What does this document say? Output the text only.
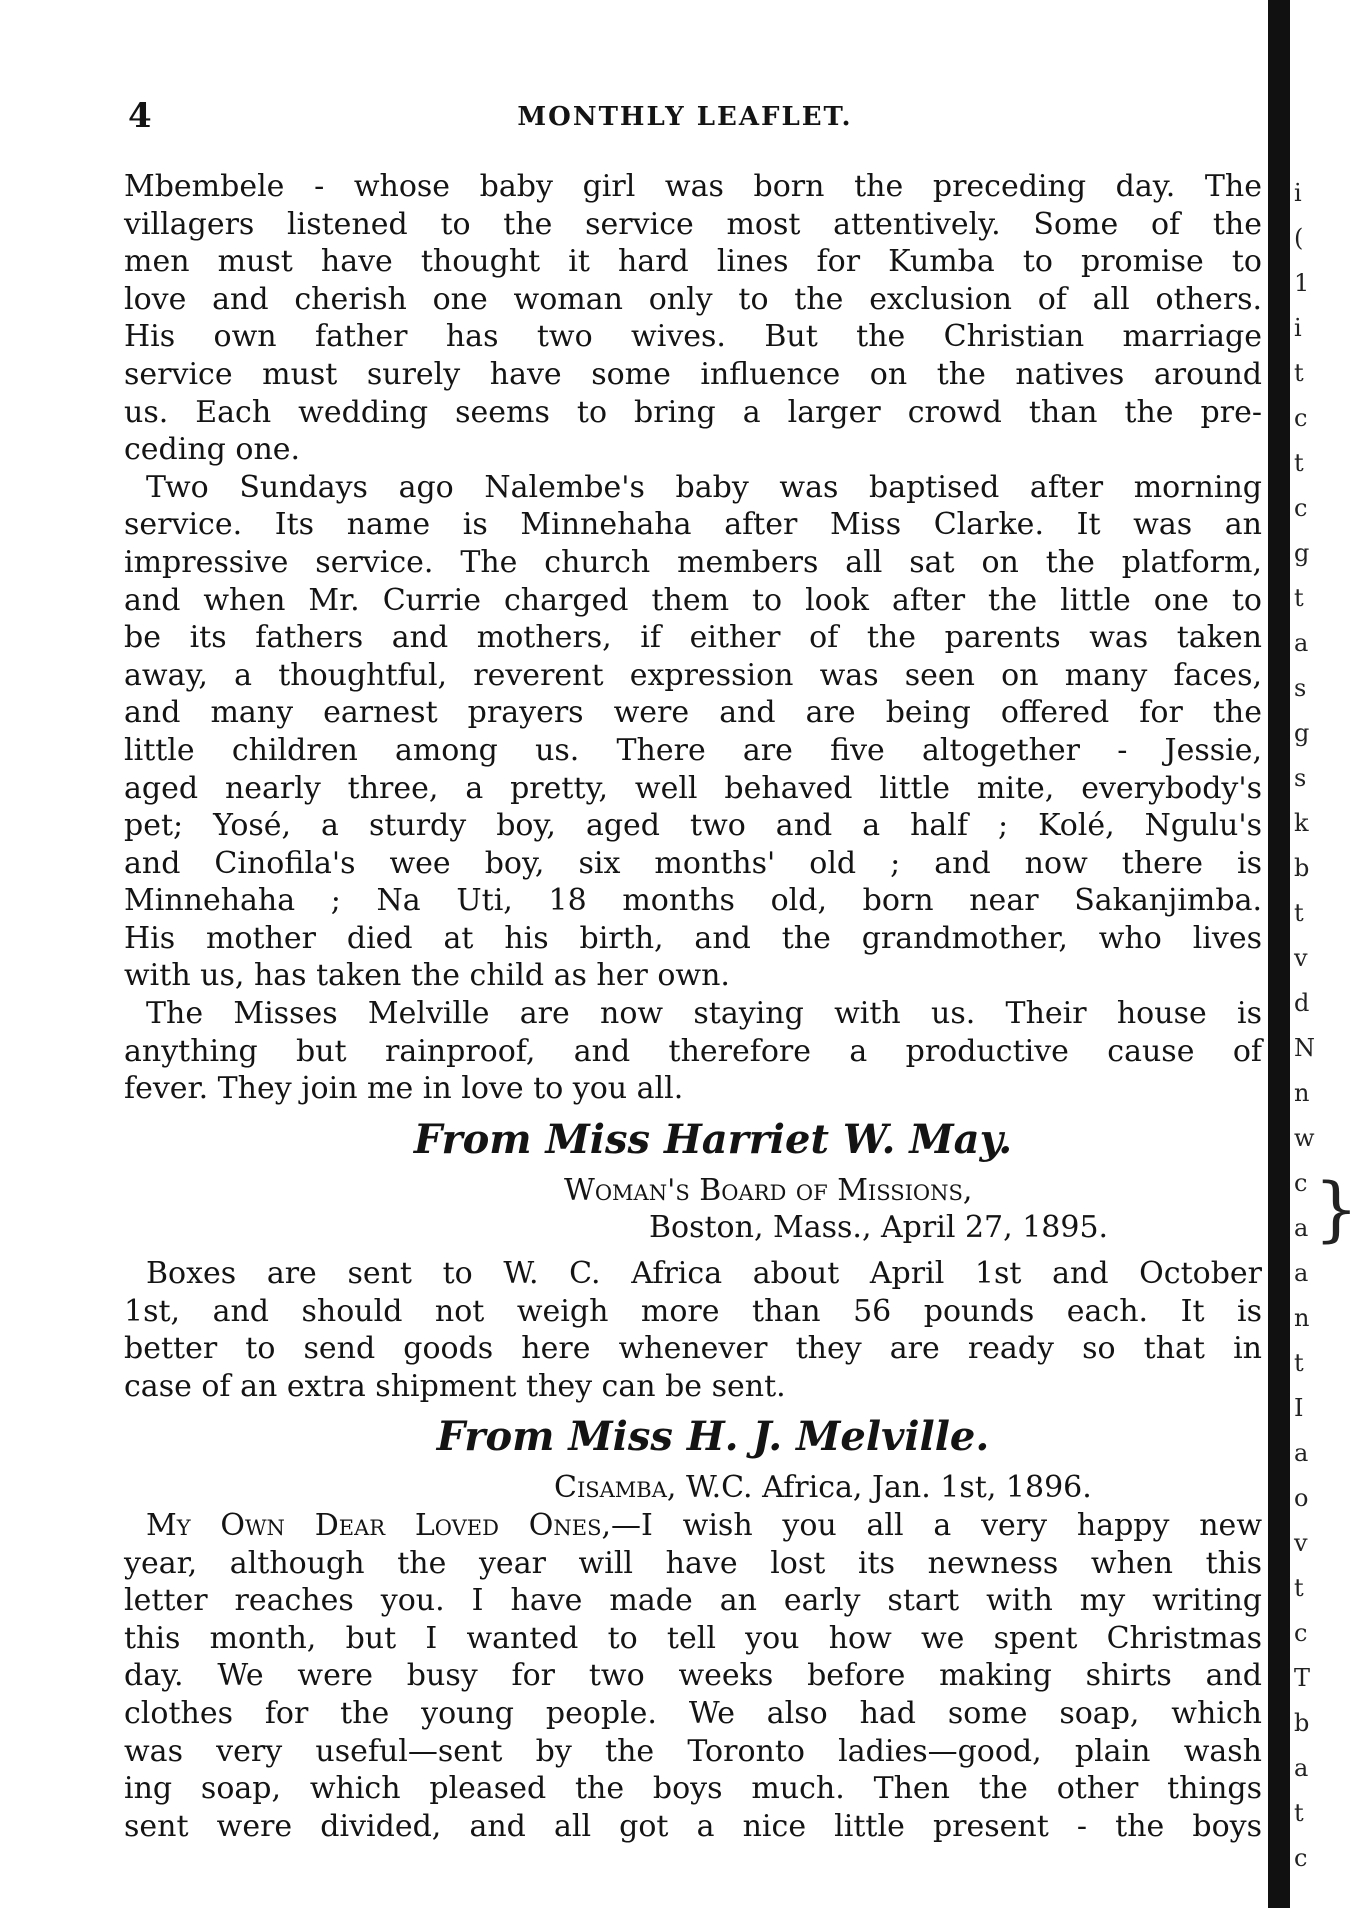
4	MONTHLY LEAFLET.
Mbembele - whose baby girl was born the preceding day. The
villagers listened to the service most attentively. Some of the
men must have thought it hard lines for Kumba to promise to
love and cherish one woman only to the exclusion of all others.
His own father has two wives. But the Christian marriage
service must surely have some influence on the natives around
us. Each wedding seems to bring a larger crowd than the pre-
ceding one.
Two Sundays ago Nalembe's baby was baptised after morning
service. Its name is Minnehaha after Miss Clarke. It was an
impressive service. The church members all sat on the platform,
and when Mr. Currie charged them to look after the little one to
be its fathers and mothers, if either of the parents was taken
away, a thoughtful, reverent expression was seen on many faces,
and many earnest prayers were and are being offered for the
little children among us. There are five altogether - Jessie,
aged nearly three, a pretty, well behaved little mite, everybody's
pet; Yosé, a sturdy boy, aged two and a half ; Kolé, Ngulu's
and Cinofila's wee boy, six months' old ; and now there is
Minnehaha ; Na Uti, 18 months old, born near Sakanjimba.
His mother died at his birth, and the grandmother, who lives
with us, has taken the child as her own.
The Misses Melville are now staying with us. Their house is
anything but rainproof, and therefore a productive cause of
fever. They join me in love to you all.
From Miss Harriet W. May.
Woman's Board of Missions,
Boston, Mass., April 27, 1895.	}
Boxes are sent to W. C. Africa about April 1st and October
1st, and should not weigh more than 56 pounds each. It is
better to send goods here whenever they are ready so that in
case of an extra shipment they can be sent.
From Miss H. J. Melville.
Cisamba, W.C. Africa, Jan. 1st, 1896.
My Own Dear Loved Ones,—I wish you all a very happy new
year, although the year will have lost its newness when this
letter reaches you. I have made an early start with my writing
this month, but I wanted to tell you how we spent Christmas
day. We were busy for two weeks before making shirts and
clothes for the young people. We also had some soap, which
was very useful—sent by the Toronto ladies—good, plain wash
ing soap, which pleased the boys much. Then the other things
sent were divided, and all got a nice little present - the boys
i
(
1
i
t
c
t
c
g
t
a
s
g
s
k
b
t
v
d
N
n
w
c
a
a
n
t
I
a
o
v
t
c
T
b
a
t
c
